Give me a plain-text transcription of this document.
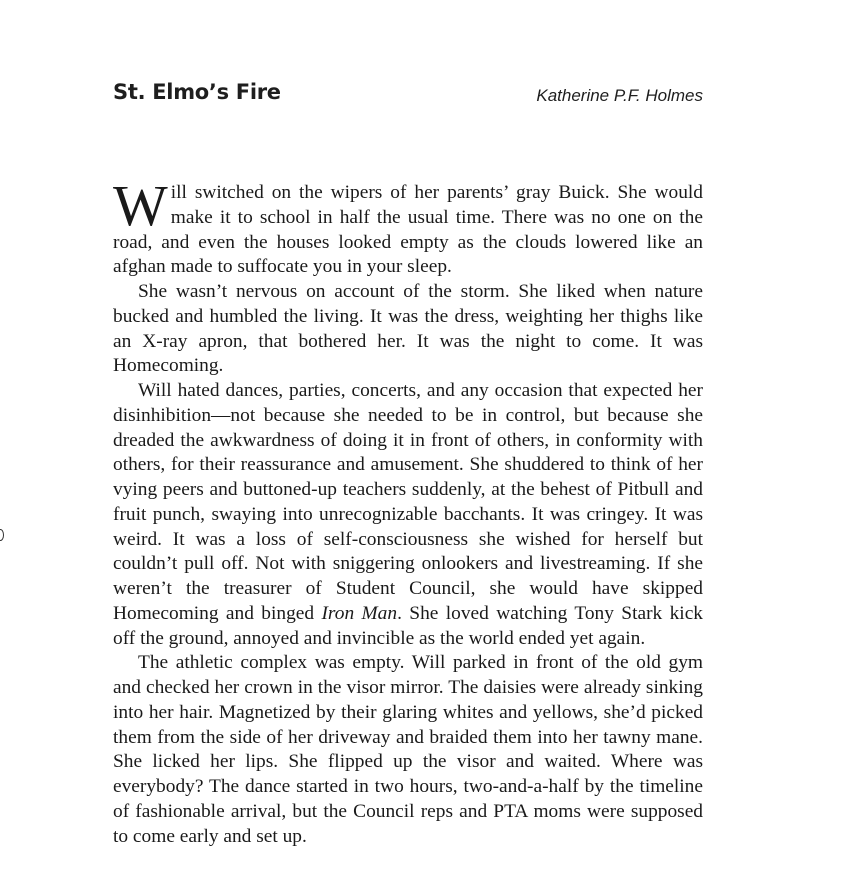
St. Elmo’s Fire	Katherine P.F. Holmes

Will switched on the wipers of her parents’ gray Buick. She would make it to school in half the usual time. There was no one on the road, and even the houses looked empty as the clouds lowered like an afghan made to suffocate you in your sleep.

She wasn’t nervous on account of the storm. She liked when nature bucked and humbled the living. It was the dress, weighting her thighs like an X-ray apron, that bothered her. It was the night to come. It was Homecoming.

Will hated dances, parties, concerts, and any occasion that expected her disinhibition—not because she needed to be in control, but because she dreaded the awkwardness of doing it in front of others, in conformity with others, for their reassurance and amusement. She shuddered to think of her vying peers and buttoned-up teachers suddenly, at the behest of Pitbull and fruit punch, swaying into unrecognizable bacchants. It was cringey. It was weird. It was a loss of self-consciousness she wished for herself but couldn’t pull off. Not with sniggering onlookers and livestreaming. If she weren’t the treasurer of Student Council, she would have skipped Homecoming and binged Iron Man. She loved watching Tony Stark kick off the ground, annoyed and invincible as the world ended yet again.

The athletic complex was empty. Will parked in front of the old gym and checked her crown in the visor mirror. The daisies were already sinking into her hair. Magnetized by their glaring whites and yellows, she’d picked them from the side of her driveway and braided them into her tawny mane. She licked her lips. She flipped up the visor and waited. Where was everybody? The dance started in two hours, two-and-a-half by the timeline of fashionable arrival, but the Council reps and PTA moms were supposed to come early and set up.
